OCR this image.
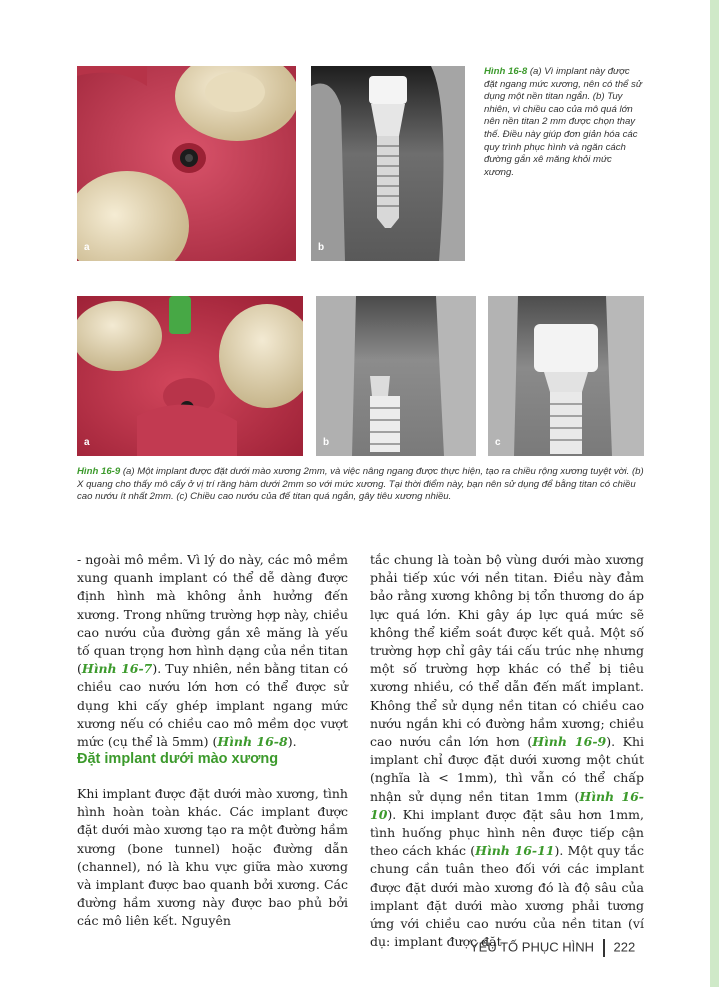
a	b
Hình 16-8 (a) Vì implant này được đặt ngang mức xương, nên có thể sử dụng một nền titan ngắn. (b) Tuy nhiên, vì chiều cao của mô quá lớn nên nền titan 2 mm được chọn thay thế. Điều này giúp đơn giản hóa các quy trình phục hình và ngăn cách đường gắn xê măng khỏi mức xương.
a	b	c
Hình 16-9 (a) Một implant được đặt dưới mào xương 2mm, và việc nâng ngang được thực hiện, tạo ra chiều rộng xương tuyệt vời. (b) X quang cho thấy mô cấy ở vị trí răng hàm dưới 2mm so với mức xương. Tại thời điểm này, bạn nên sử dụng để bằng titan có chiều cao nướu ít nhất 2mm. (c) Chiều cao nướu của đế titan quá ngắn, gây tiêu xương nhiều.

- ngoài mô mềm. Vì lý do này, các mô mềm xung quanh implant có thể dễ dàng được định hình mà không ảnh hưởng đến xương. Trong những trường hợp này, chiều cao nướu của đường gắn xê măng là yếu tố quan trọng hơn hình dạng của nền titan (Hình 16-7). Tuy nhiên, nền bằng titan có chiều cao nướu lớn hơn có thể được sử dụng khi cấy ghép implant ngang mức xương nếu có chiều cao mô mềm dọc vượt mức (cụ thể là 5mm) (Hình 16-8).

Đặt implant dưới mào xương

Khi implant được đặt dưới mào xương, tình hình hoàn toàn khác. Các implant được đặt dưới mào xương tạo ra một đường hầm xương (bone tunnel) hoặc đường dẫn (channel), nó là khu vực giữa mào xương và implant được bao quanh bởi xương. Các đường hầm xương này được bao phủ bởi các mô liên kết. Nguyên

tắc chung là toàn bộ vùng dưới mào xương phải tiếp xúc với nền titan. Điều này đảm bảo rằng xương không bị tổn thương do áp lực quá lớn. Khi gây áp lực quá mức sẽ không thể kiểm soát được kết quả. Một số trường hợp chỉ gây tái cấu trúc nhẹ nhưng một số trường hợp khác có thể bị tiêu xương nhiều, có thể dẫn đến mất implant. Không thể sử dụng nền titan có chiều cao nướu ngắn khi có đường hầm xương; chiều cao nướu cần lớn hơn (Hình 16-9). Khi implant chỉ được đặt dưới xương một chút (nghĩa là < 1mm), thì vẫn có thể chấp nhận sử dụng nền titan 1mm (Hình 16-10). Khi implant được đặt sâu hơn 1mm, tình huống phục hình nên được tiếp cận theo cách khác (Hình 16-11). Một quy tắc chung cần tuân theo đối với các implant được đặt dưới mào xương đó là độ sâu của implant đặt dưới mào xương phải tương ứng với chiều cao nướu của nền titan (ví dụ: implant được đặt

YẾU TỐ PHỤC HÌNH 222
